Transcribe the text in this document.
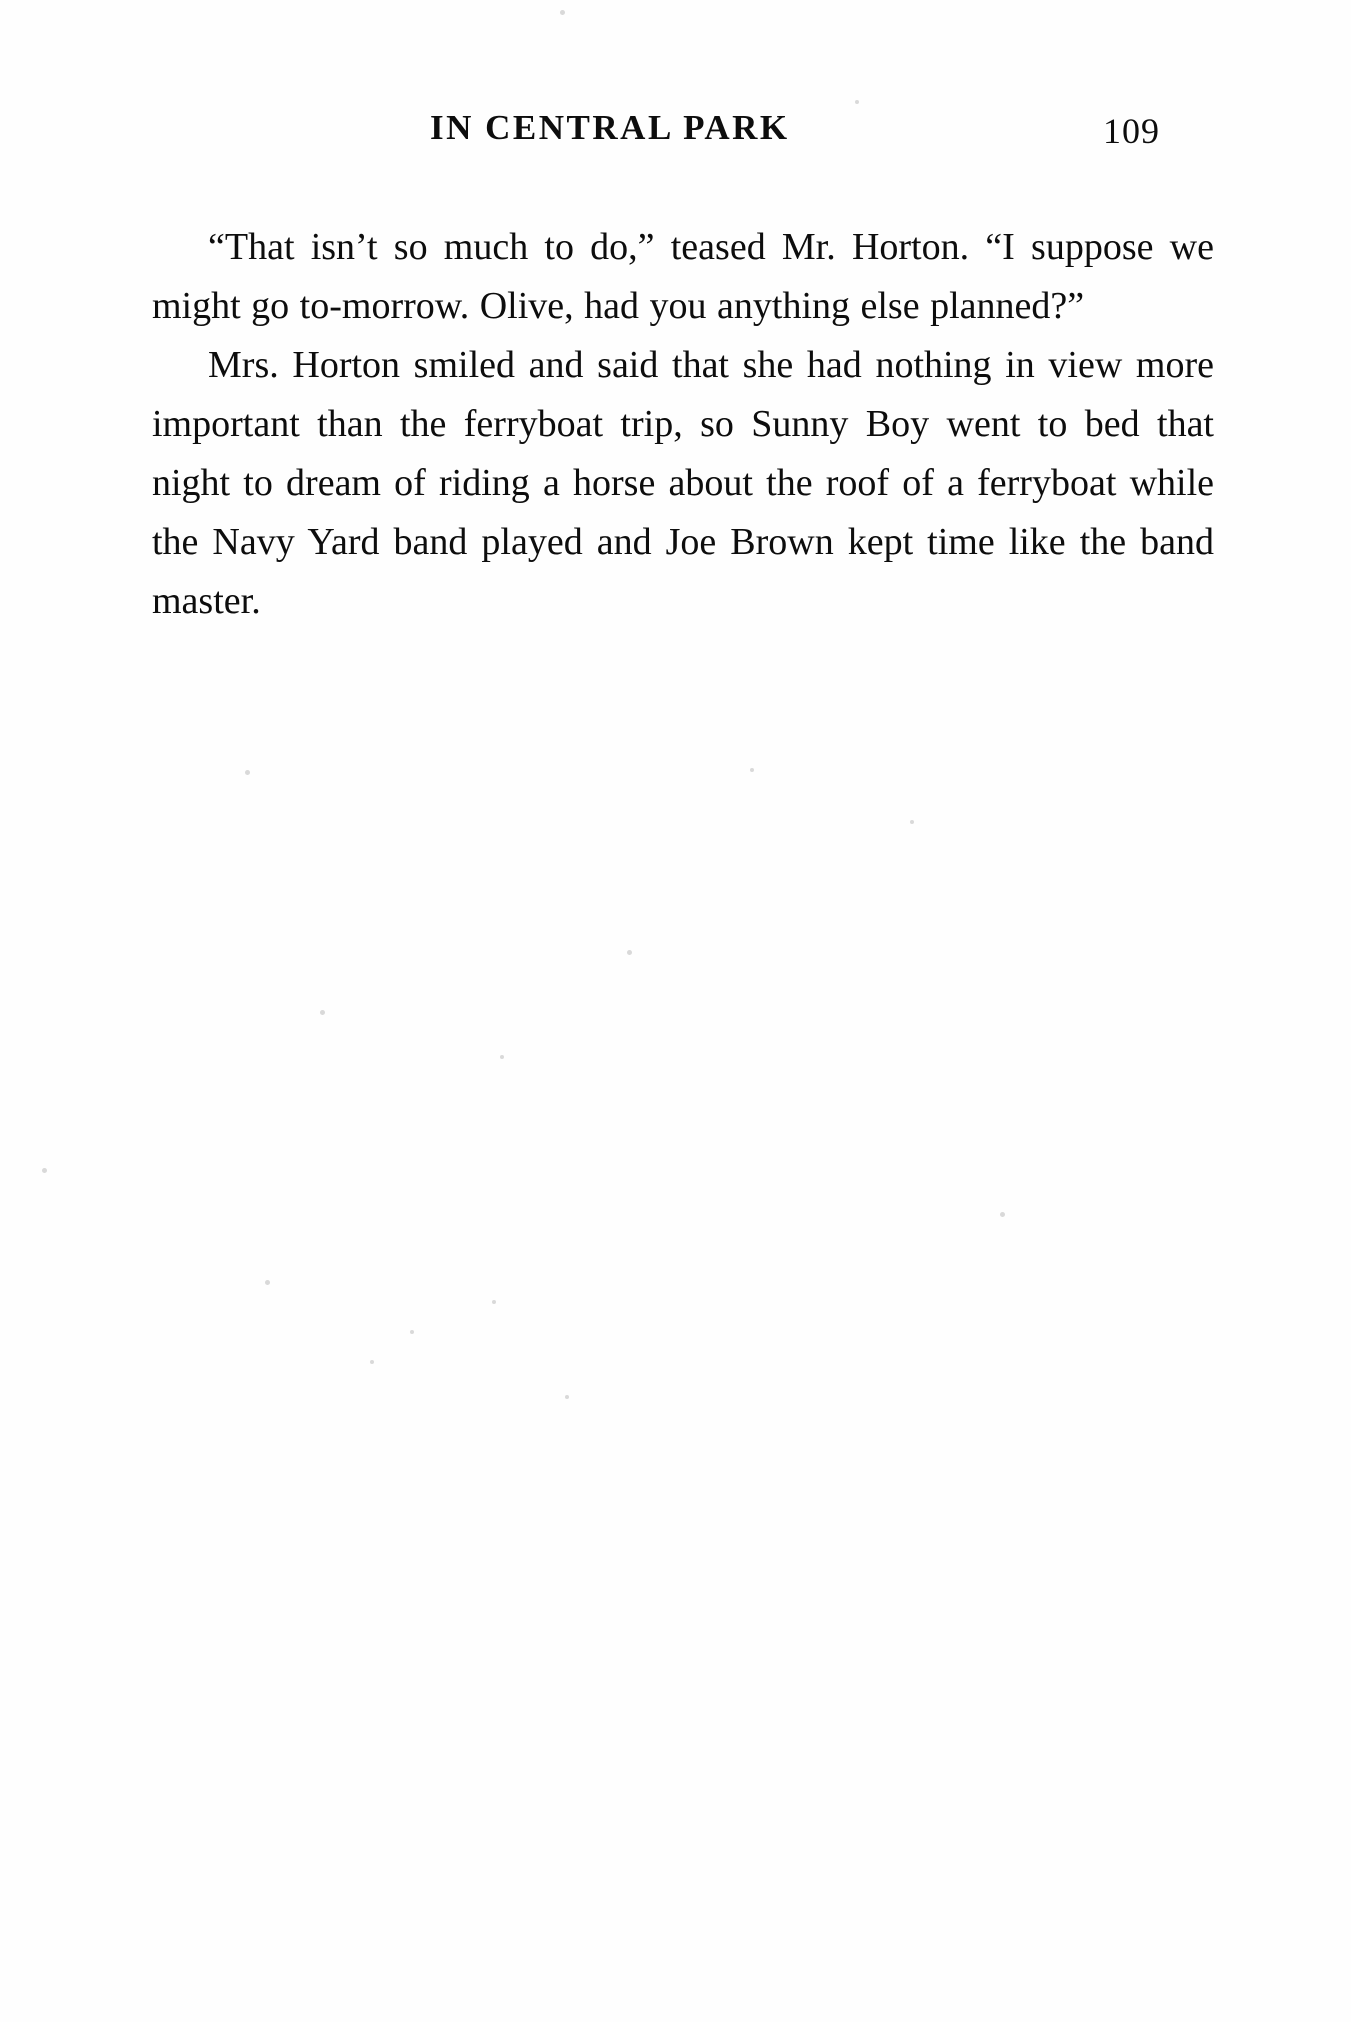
IN CENTRAL PARK	109

“That isn’t so much to do,” teased Mr. Horton. “I suppose we might go to-morrow. Olive, had you anything else planned?”

Mrs. Horton smiled and said that she had nothing in view more important than the ferryboat trip, so Sunny Boy went to bed that night to dream of riding a horse about the roof of a ferryboat while the Navy Yard band played and Joe Brown kept time like the band master.
